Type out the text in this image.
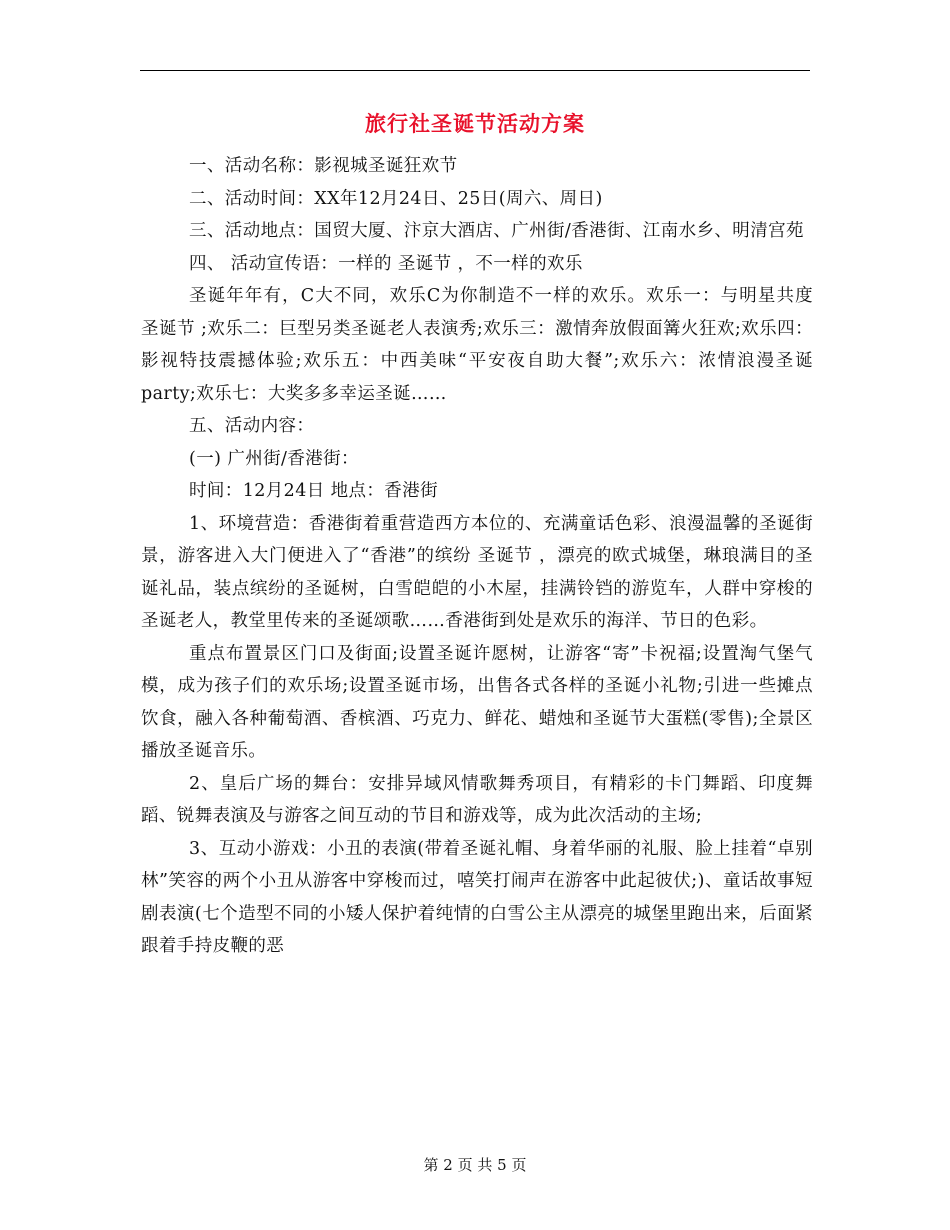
旅行社圣诞节活动方案

一、活动名称：影视城圣诞狂欢节

二、活动时间：XX年12月24日、25日(周六、周日)

三、活动地点：国贸大厦、汴京大酒店、广州街/香港街、江南水乡、明清宫苑

四、 活动宣传语：一样的 圣诞节 ，不一样的欢乐

圣诞年年有，C大不同，欢乐C为你制造不一样的欢乐。欢乐一：与明星共度 圣诞节 ;欢乐二：巨型另类圣诞老人表演秀;欢乐三：激情奔放假面篝火狂欢;欢乐四：影视特技震撼体验;欢乐五：中西美味“平安夜自助大餐”;欢乐六：浓情浪漫圣诞party;欢乐七：大奖多多幸运圣诞……

五、活动内容：

(一) 广州街/香港街：

时间：12月24日 地点：香港街

1、环境营造：香港街着重营造西方本位的、充满童话色彩、浪漫温馨的圣诞街景，游客进入大门便进入了“香港”的缤纷 圣诞节 ，漂亮的欧式城堡，琳琅满目的圣诞礼品，装点缤纷的圣诞树，白雪皑皑的小木屋，挂满铃铛的游览车，人群中穿梭的圣诞老人，教堂里传来的圣诞颂歌……香港街到处是欢乐的海洋、节日的色彩。

重点布置景区门口及街面;设置圣诞许愿树，让游客“寄”卡祝福;设置淘气堡气模，成为孩子们的欢乐场;设置圣诞市场，出售各式各样的圣诞小礼物;引进一些摊点饮食，融入各种葡萄酒、香槟酒、巧克力、鲜花、蜡烛和圣诞节大蛋糕(零售);全景区播放圣诞音乐。

2、皇后广场的舞台：安排异域风情歌舞秀项目，有精彩的卡门舞蹈、印度舞蹈、锐舞表演及与游客之间互动的节目和游戏等，成为此次活动的主场;

3、互动小游戏：小丑的表演(带着圣诞礼帽、身着华丽的礼服、脸上挂着“卓别林”笑容的两个小丑从游客中穿梭而过，嘻笑打闹声在游客中此起彼伏;)、童话故事短剧表演(七个造型不同的小矮人保护着纯情的白雪公主从漂亮的城堡里跑出来，后面紧跟着手持皮鞭的恶

第 2 页 共 5 页
